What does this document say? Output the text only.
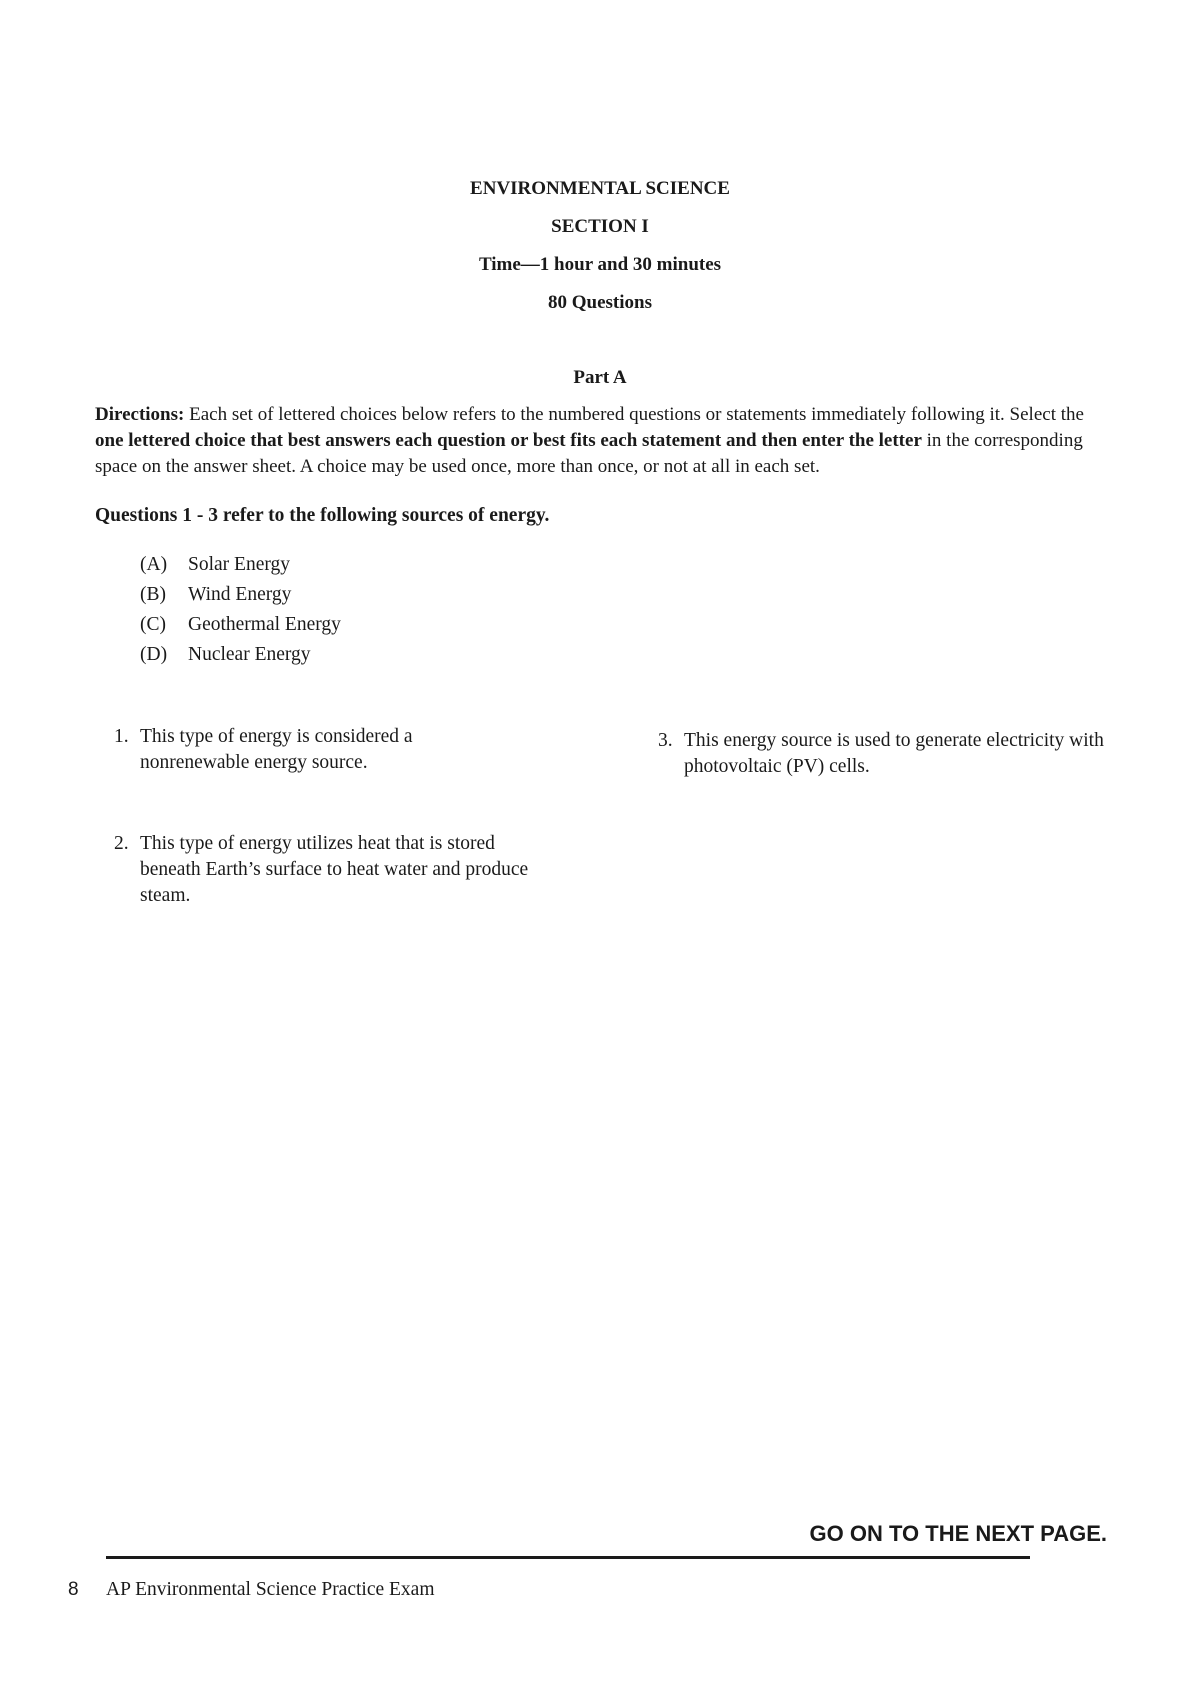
ENVIRONMENTAL SCIENCE
SECTION I
Time—1 hour and 30 minutes
80 Questions
Part A
Directions: Each set of lettered choices below refers to the numbered questions or statements immediately following it. Select the one lettered choice that best answers each question or best fits each statement and then enter the letter in the corresponding space on the answer sheet. A choice may be used once, more than once, or not at all in each set.
Questions 1 - 3 refer to the following sources of energy.
(A) Solar Energy
(B) Wind Energy
(C) Geothermal Energy
(D) Nuclear Energy
1. This type of energy is considered a nonrenewable energy source.
2. This type of energy utilizes heat that is stored beneath Earth’s surface to heat water and produce steam.
3. This energy source is used to generate electricity with photovoltaic (PV) cells.
GO ON TO THE NEXT PAGE.
8 AP Environmental Science Practice Exam
